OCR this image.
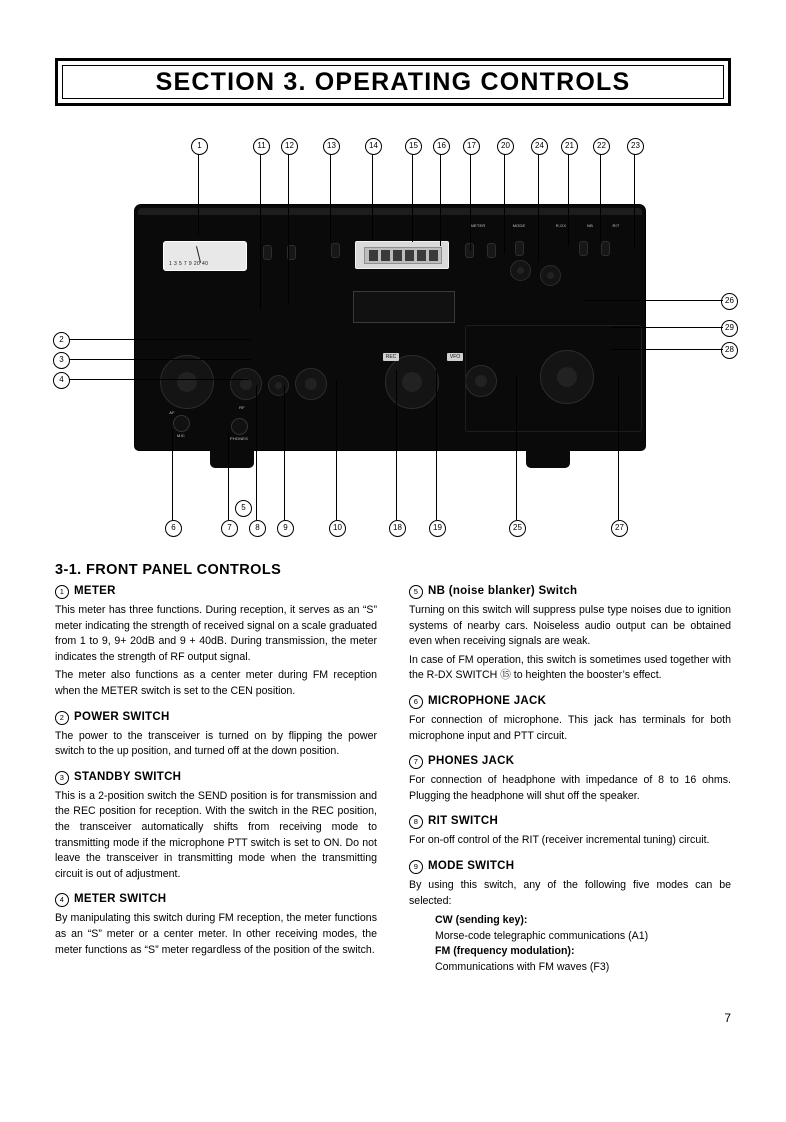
SECTION 3. OPERATING CONTROLS
1 3 5 7 9 20 40
REC	VFO
METER	MODE	R-DX	NB	RIT
MIC
PHONES
AF
RF
1	11	12	13	14	15	16	17	20	24	21	22	23
2
3
4
26
29
28
6	7	8	9
5
10	18	19	25	27
3-1. FRONT PANEL CONTROLS
1 METER

This meter has three functions. During reception, it serves as an “S” meter indicating the strength of received signal on a scale graduated from 1 to 9, 9+ 20dB and 9 + 40dB. During transmission, the meter indicates the strength of RF output signal.

The meter also functions as a center meter during FM reception when the METER switch is set to the CEN position.

2 POWER SWITCH

The power to the transceiver is turned on by flipping the power switch to the up position, and turned off at the down position.

3 STANDBY SWITCH

This is a 2-position switch the SEND position is for transmission and the REC position for reception. With the switch in the REC position, the transceiver automatically shifts from receiving mode to transmitting mode if the microphone PTT switch is set to ON. Do not leave the transceiver in transmitting mode when the transmitting circuit is out of adjustment.

4 METER SWITCH

By manipulating this switch during FM reception, the meter functions as an “S” meter or a center meter. In other receiving modes, the meter functions as “S” meter regardless of the position of the switch.

5 NB (noise blanker) Switch

Turning on this switch will suppress pulse type noises due to ignition systems of nearby cars. Noiseless audio output can be obtained even when receiving signals are weak.

In case of FM operation, this switch is sometimes used together with the R-DX SWITCH ⑮ to heighten the booster’s effect.

6 MICROPHONE JACK

For connection of microphone. This jack has terminals for both microphone input and PTT circuit.

7 PHONES JACK

For connection of headphone with impedance of 8 to 16 ohms. Plugging the headphone will shut off the speaker.

8 RIT SWITCH

For on-off control of the RIT (receiver incremental tuning) circuit.

9 MODE SWITCH

By using this switch, any of the following five modes can be selected:

CW (sending key):
Morse-code telegraphic communications (A1)
FM (frequency modulation):
Communications with FM waves (F3)
7
